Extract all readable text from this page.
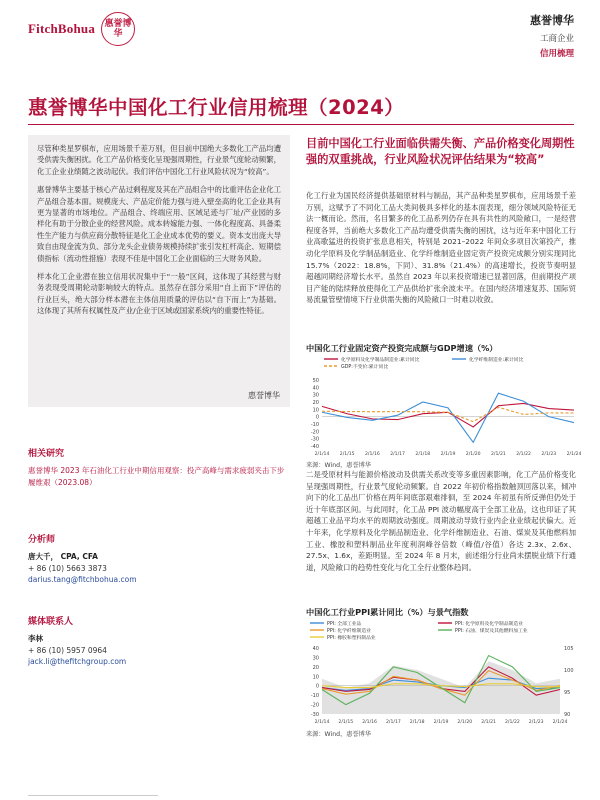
FitchBohua	惠誉博华
惠誉博华
工商企业
信用梳理
惠誉博华中国化工行业信用梳理（2024）

尽管种类星罗棋布，应用场景千差万别，但目前中国绝大多数化工产品均遭受供需失衡困扰。化工产品价格变化呈现强周期性，行业景气度轮动频繁，化工企业业绩随之波动起伏。我们评估中国化工行业风险状况为“较高”。

惠誉博华主要基于核心产品过剩程度及其在产品组合中的比重评估企业化工产品组合基本面。规模庞大、产品定价能力强与进入壁垒高的化工企业具有更为显著的市场地位。产品组合、终端应用、区域足迹与厂址/产业园的多样化有助于分散企业的经营风险。成本转嫁能力强、一体化程度高、具备柔性生产能力与供应商分散特征是化工企业成本优势的要义。资本支出庞大导致自由现金流为负、部分龙头企业债务规模持续扩张引发杠杆高企、短期偿债指标（流动性措施）表现不佳是中国化工企业面临的三大财务风险。

样本化工企业潜在独立信用状况集中于“一般”区间，这体现了其经营与财务表现受周期轮动影响较大的特点。虽然存在部分采用“自上而下”评估的行业巨头，绝大部分样本潜在主体信用质量的评估以“自下而上”为基础。这体现了其所有权属性及产业/企业于区域或国家系统内的重要性特征。

惠誉博华
相关研究
惠誉博华 2023 年石油化工行业中期信用观察：投产高峰与需求疲弱夹击下步履维艰（2023.08）
分析师
唐大千， CPA, CFA
+ 86 (10) 5663 3873
darius.tang@fitchbohua.com
媒体联系人
李林
+ 86 (10) 5957 0964
jack.li@thefitchgroup.com
目前中国化工行业面临供需失衡、产品价格变化周期性强的双重挑战，行业风险状况评估结果为“较高”
化工行业为国民经济提供基础原材料与制品，其产品种类星罗棋布，应用场景千差万别，这赋予了不同化工品大类间极具多样化的基本面表现，细分领域风险特征无法一概而论。然而，名目繁多的化工品系列仍存在具有共性的风险敞口，一是经营程度各异，当前绝大多数化工产品均遭受供需失衡的困扰，这与近年来中国化工行业高歌猛进的投资扩张息息相关，特别是 2021–2022 年间众多项目次第投产，推动化学原料及化学制品制造业、化学纤维制造业固定资产投资完成额分别实现同比 15.7%（2022：18.8%，下同）、31.8%（21.4%）的高速增长，投资节奏明显超越同期经济增长水平。虽然自 2023 年以来投资增速已显著回落，但前期投产项目产能的陆续释放使得化工产品供给扩张余波未平。在国内经济增速复苏、国际贸易流量管壁情境下行业供需失衡的风险敞口一时难以收敛。
中国化工行业固定资产投资完成额与GDP增速（%）
化学原料及化学制品制造业:累计同比	化学纤维制造业:累计同比
GDP:不变价:累计同比
-40
-30
-20
-10
0
10
20
30
40
50
2/1/14 2/1/15 2/1/16 2/1/17 2/1/18 2/1/19 2/1/20 2/1/21 2/1/22 2/1/23 2/1/24
来源：Wind，惠誉博华
二是受原材料与能源价格波动及供需关系改变等多重因素影响，化工产品价格变化呈现强周期性，行业景气度轮动频繁。自 2022 年初价格指数触顶回落以来，倾冲向下的化工品出厂价格在两年间底部艰难徘徊，至 2024 年初虽有所反弹但仍处于近十年底部区间。与此同时，化工品 PPI 波动幅度高于全部工业品，这也印证了其超越工业品平均水平的周期波动强度。周期波动导致行业内企业业绩起伏偏大。近十年来，化学原料及化学制品制造业、化学纤维制造业、石油、煤炭及其他燃料加工业、橡胶和塑料制品业年度利润峰谷倍数（峰值/谷值）各达 2.3x、2.6x、27.5x、1.6x，差距明显。至 2024 年 8 月末，前述细分行业尚未摆脱业绩下行通道，风险敞口的趋势性变化与化工全行业整体趋同。
中国化工行业PPI累计同比（%）与景气指数
PPI: 全部工业品	PPI: 化学原料及化学制品制造业
PPI: 化学纤维制造业	PPI: 石油、煤炭及其他燃料加工业
PPI: 橡胶和塑料制品业
90
95
100
105
-30
-20
-10
0
10
20
30
40
2/1/14 2/1/15 2/1/16 2/1/17 2/1/18 2/1/19 2/1/20 2/1/21 2/1/22 2/1/23 2/1/24
来源：Wind，惠誉博华
